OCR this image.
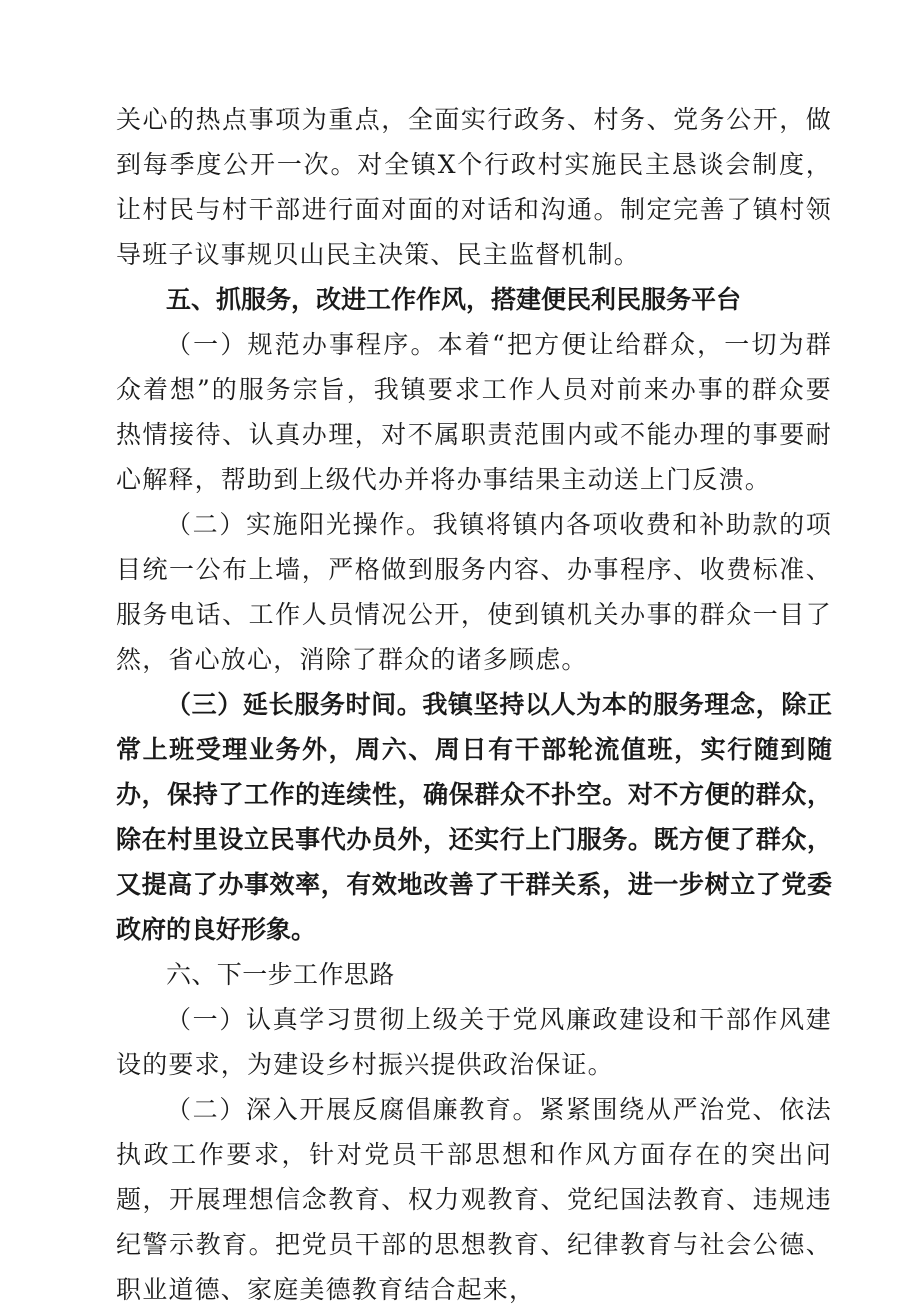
关心的热点事项为重点，全面实行政务、村务、党务公开，做到每季度公开一次。对全镇X个行政村实施民主恳谈会制度，让村民与村干部进行面对面的对话和沟通。制定完善了镇村领导班子议事规贝山民主决策、民主监督机制。

五、抓服务，改进工作作风，搭建便民利民服务平台

（一）规范办事程序。本着“把方便让给群众，一切为群众着想”的服务宗旨，我镇要求工作人员对前来办事的群众要热情接待、认真办理，对不属职责范围内或不能办理的事要耐心解释，帮助到上级代办并将办事结果主动送上门反溃。

（二）实施阳光操作。我镇将镇内各项收费和补助款的项目统一公布上墙，严格做到服务内容、办事程序、收费标准、服务电话、工作人员情况公开，使到镇机关办事的群众一目了然，省心放心，消除了群众的诸多顾虑。

（三）延长服务时间。我镇坚持以人为本的服务理念，除正常上班受理业务外，周六、周日有干部轮流值班，实行随到随办，保持了工作的连续性，确保群众不扑空。对不方便的群众，除在村里设立民事代办员外，还实行上门服务。既方便了群众，又提高了办事效率，有效地改善了干群关系，进一步树立了党委政府的良好形象。

六、下一步工作思路

（一）认真学习贯彻上级关于党风廉政建设和干部作风建设的要求，为建设乡村振兴提供政治保证。

（二）深入开展反腐倡廉教育。紧紧围绕从严治党、依法执政工作要求，针对党员干部思想和作风方面存在的突出问题，开展理想信念教育、权力观教育、党纪国法教育、违规违纪警示教育。把党员干部的思想教育、纪律教育与社会公德、职业道德、家庭美德教育结合起来，
